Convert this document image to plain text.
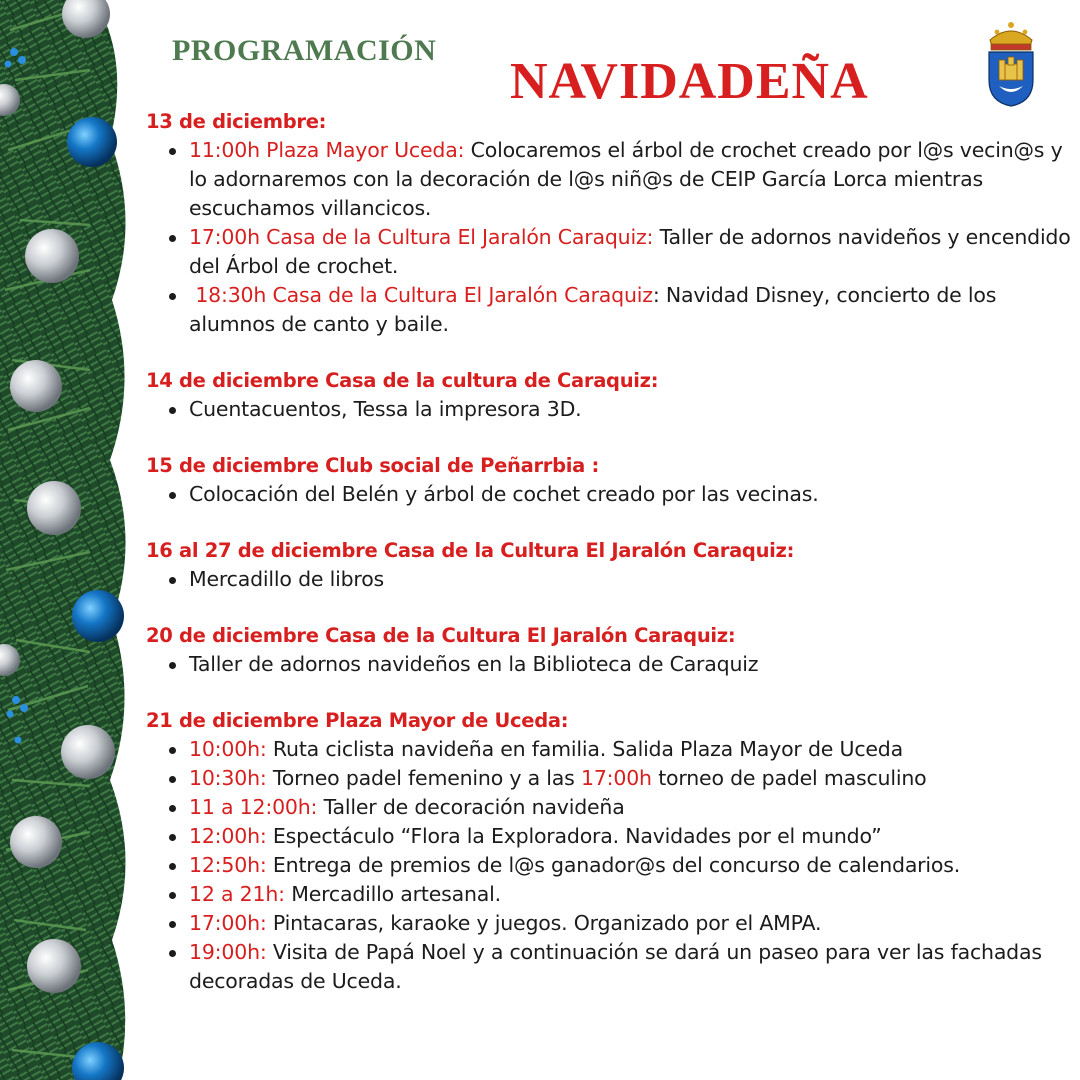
PROGRAMACIÓN
NAVIDADEÑA
13 de diciembre:
11:00h Plaza Mayor Uceda: Colocaremos el árbol de crochet creado por l@s vecin@s y lo adornaremos con la decoración de l@s niñ@s de CEIP García Lorca mientras escuchamos villancicos.
17:00h Casa de la Cultura El Jaralón Caraquiz: Taller de adornos navideños y encendido del Árbol de crochet.
18:30h Casa de la Cultura El Jaralón Caraquiz: Navidad Disney, concierto de los alumnos de canto y baile.
14 de diciembre Casa de la cultura de Caraquiz:
Cuentacuentos, Tessa la impresora 3D.
15 de diciembre Club social de Peñarrbia :
Colocación del Belén y árbol de cochet creado por las vecinas.
16 al 27 de diciembre Casa de la Cultura El Jaralón Caraquiz:
Mercadillo de libros
20 de diciembre Casa de la Cultura El Jaralón Caraquiz:
Taller de adornos navideños en la Biblioteca de Caraquiz
21 de diciembre Plaza Mayor de Uceda:
10:00h: Ruta ciclista navideña en familia. Salida Plaza Mayor de Uceda
10:30h: Torneo padel femenino y a las 17:00h torneo de padel masculino
11 a 12:00h: Taller de decoración navideña
12:00h: Espectáculo “Flora la Exploradora. Navidades por el mundo”
12:50h: Entrega de premios de l@s ganador@s del concurso de calendarios.
12 a 21h: Mercadillo artesanal.
17:00h: Pintacaras, karaoke y juegos. Organizado por el AMPA.
19:00h: Visita de Papá Noel y a continuación se dará un paseo para ver las fachadas decoradas de Uceda.
